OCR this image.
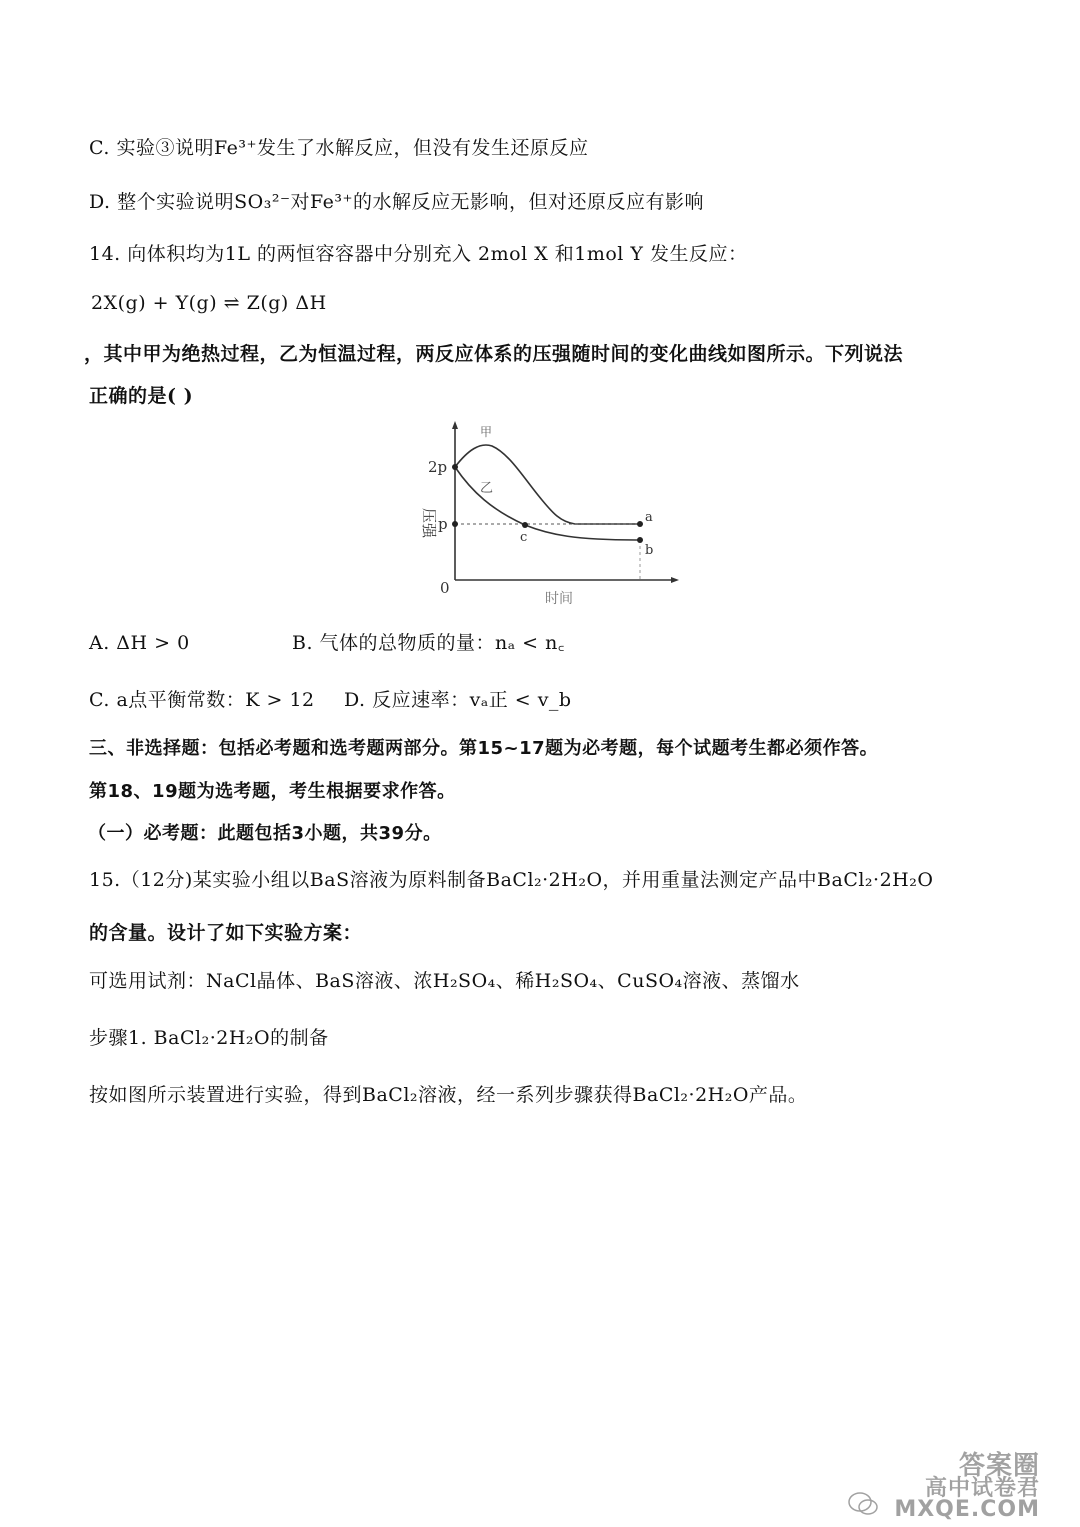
C. 实验③说明Fe³⁺发生了水解反应，但没有发生还原反应
D. 整个实验说明SO₃²⁻对Fe³⁺的水解反应无影响，但对还原反应有影响
14. 向体积均为1L 的两恒容容器中分别充入 2mol X 和1mol Y 发生反应：
2X(g) + Y(g) ⇌ Z(g) ΔH
，其中甲为绝热过程，乙为恒温过程，两反应体系的压强随时间的变化曲线如图所示。下列说法
正确的是( )
2p
p
0
甲
乙
a
b
c
时间
压强
A. ΔH > 0	B. 气体的总物质的量：nₐ < n꜀
C. a点平衡常数：K > 12 D. 反应速率：vₐ正 < v_b
三、非选择题：包括必考题和选考题两部分。第15~17题为必考题，每个试题考生都必须作答。
第18、19题为选考题，考生根据要求作答。
（一）必考题：此题包括3小题，共39分。
15.（12分)某实验小组以BaS溶液为原料制备BaCl₂·2H₂O，并用重量法测定产品中BaCl₂·2H₂O
的含量。设计了如下实验方案：
可选用试剂：NaCl晶体、BaS溶液、浓H₂SO₄、稀H₂SO₄、CuSO₄溶液、蒸馏水
步骤1. BaCl₂·2H₂O的制备
按如图所示装置进行实验，得到BaCl₂溶液，经一系列步骤获得BaCl₂·2H₂O产品。
答案圈
高中试卷君
MXQE.COM
